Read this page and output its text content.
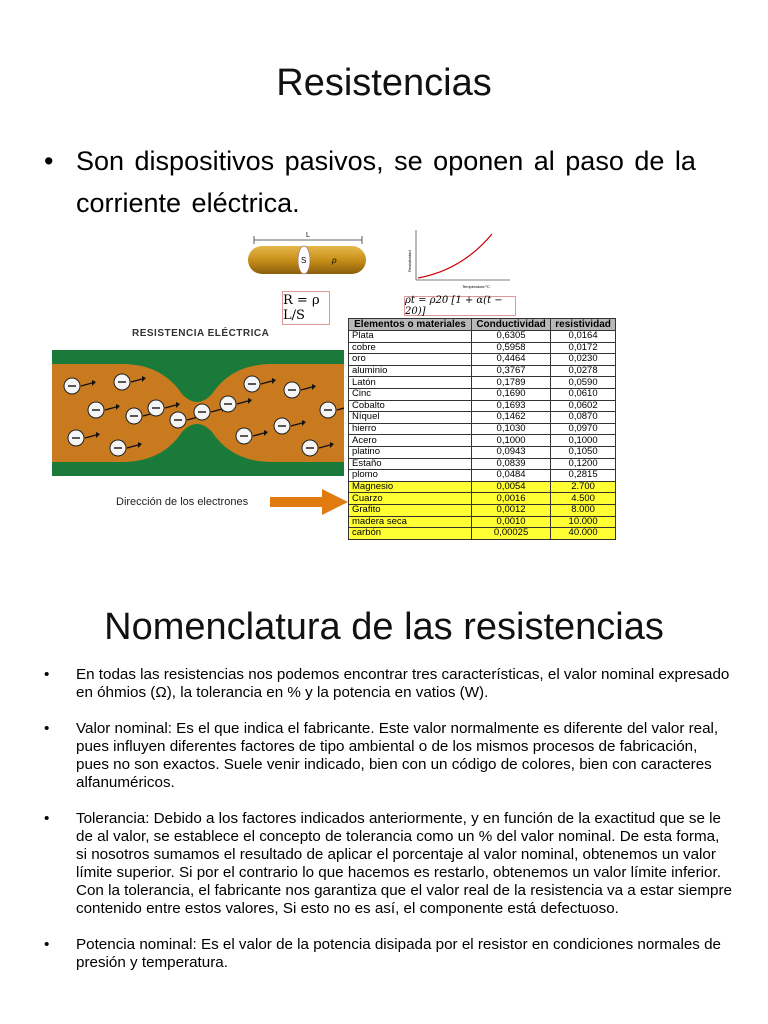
Resistencias
• Son dispositivos pasivos, se oponen al paso de la corriente eléctrica.
L
S	ρ	Resistividad
Temperatura ºC
R = ρ L/S
ρt = ρ20 [1 + α(t − 20)]
RESISTENCIA ELÉCTRICA
Dirección de los electrones
Elementos o materiales	Conductividad	resistividad
Plata	0,6305	0,0164
cobre	0,5958	0,0172
oro	0,4464	0,0230
aluminio	0,3767	0,0278
Latón	0,1789	0,0590
Cinc	0,1690	0,0610
Cobalto	0,1693	0,0602
Níquel	0,1462	0,0870
hierro	0,1030	0,0970
Acero	0,1000	0,1000
platino	0,0943	0,1050
Estaño	0,0839	0,1200
plomo	0,0484	0,2815
Magnesio	0,0054	2.700
Cuarzo	0,0016	4.500
Grafito	0,0012	8.000
madera seca	0,0010	10.000
carbón	0,00025	40.000
Nomenclatura de las resistencias
• En todas las resistencias nos podemos encontrar tres características, el valor nominal expresado en óhmios (Ω), la tolerancia en % y la potencia en vatios (W).
• Valor nominal: Es el que indica el fabricante. Este valor normalmente es diferente del valor real, pues influyen diferentes factores de tipo ambiental o de los mismos procesos de fabricación, pues no son exactos. Suele venir indicado, bien con un código de colores, bien con caracteres alfanuméricos.
• Tolerancia: Debido a los factores indicados anteriormente, y en función de la exactitud que se le de al valor, se establece el concepto de tolerancia como un % del valor nominal. De esta forma, si nosotros sumamos el resultado de aplicar el porcentaje al valor nominal, obtenemos un valor límite superior. Si por el contrario lo que hacemos es restarlo, obtenemos un valor límite inferior. Con la tolerancia, el fabricante nos garantiza que el valor real de la resistencia va a estar siempre contenido entre estos valores, Si esto no es así, el componente está defectuoso.
• Potencia nominal: Es el valor de la potencia disipada por el resistor en condiciones normales de presión y temperatura.
